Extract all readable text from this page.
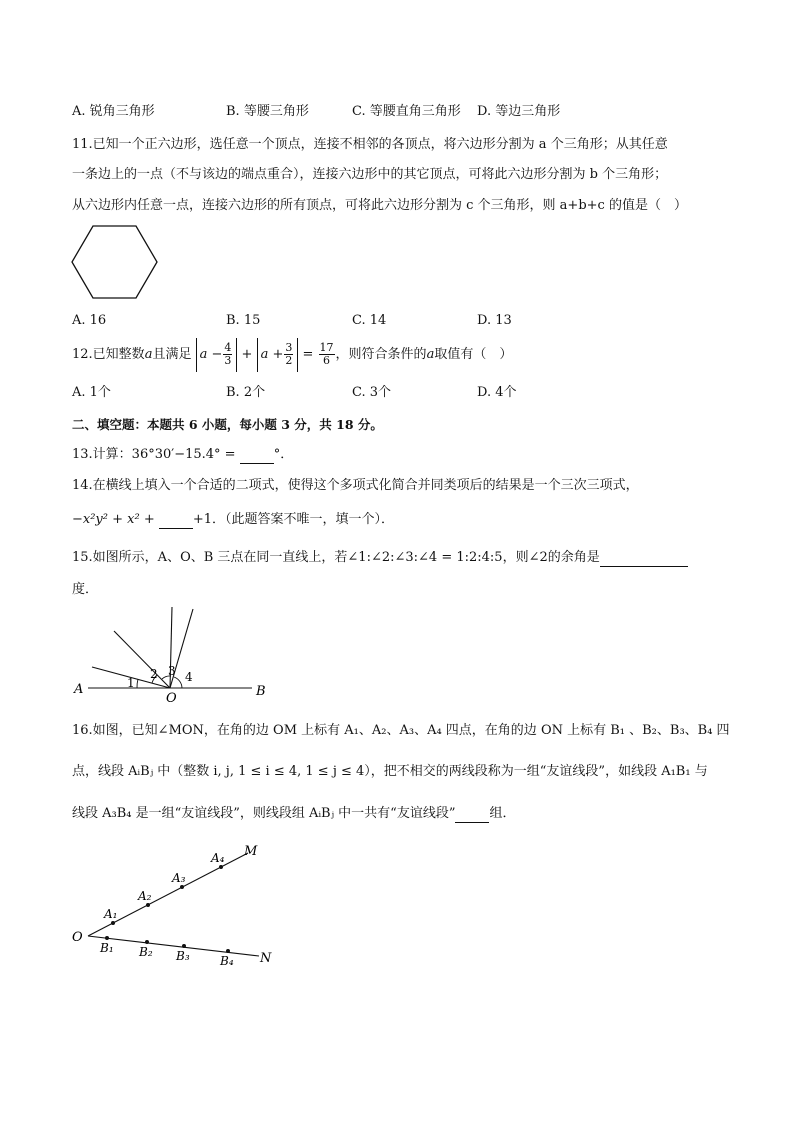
A. 锐角三角形	B. 等腰三角形	C. 等腰直角三角形 D. 等边三角形
11.已知一个正六边形，选任意一个顶点，连接不相邻的各顶点，将六边形分割为 a 个三角形；从其任意
一条边上的一点（不与该边的端点重合），连接六边形中的其它顶点，可将此六边形分割为 b 个三角形；
从六边形内任意一点，连接六边形的所有顶点，可将此六边形分割为 c 个三角形，则 a+b+c 的值是（　）
A. 16	B. 15	C. 14	D. 13
12.已知整数a且满足 $a - \frac{4}{3} + a + \frac{3}{2} = \frac{17}{6}$ ，则符合条件的a取值有（　）
A. 1个	B. 2个	C. 3个	D. 4个
二、填空题：本题共 6 小题，每小题 3 分，共 18 分。
13.计算：36°30′−15.4° =	°．
14.在横线上填入一个合适的二项式，使得这个多项式化简合并同类项后的结果是一个三次三项式，
−x²y² + x² +	+1．（此题答案不唯一，填一个）．
15.如图所示，A、O、B 三点在同一直线上，若∠1:∠2:∠3:∠4 = 1:2:4:5，则∠2的余角是
度．
A
O	B
1
2 3 4
16.如图，已知∠MON，在角的边 OM 上标有 A₁、A₂、A₃、A₄ 四点，在角的边 ON 上标有 B₁ 、B₂、B₃、B₄ 四
点，线段 AᵢBⱼ 中（整数 i, j, 1 ≤ i ≤ 4, 1 ≤ j ≤ 4），把不相交的两线段称为一组“友谊线段”，如线段 A₁B₁ 与
线段 A₃B₄ 是一组“友谊线段”，则线段组 AᵢBⱼ 中一共有“友谊线段”	组．
O
M
N
A₁
A₂
A₃
A₄
B₁ B₂ B₃	B₄
